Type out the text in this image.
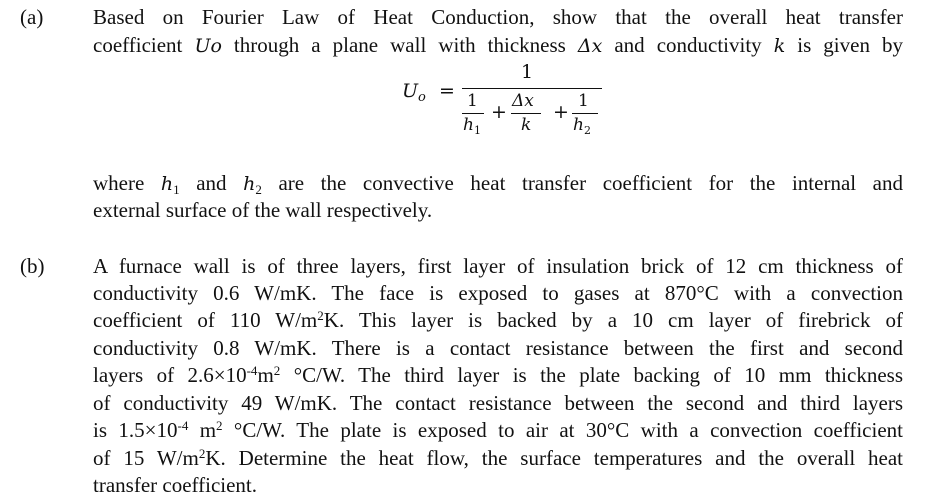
(a) Based on Fourier Law of Heat Conduction, show that the overall heat transfer
coefficient Uo through a plane wall with thickness Δx and conductivity k is given by
U o =
1
1
h 1
+ Δx
k
+ 1
h 2
where $h_1$ and $h_2$ are the convective heat transfer coefficient for the internal and
external surface of the wall respectively.
(b) A furnace wall is of three layers, first layer of insulation brick of 12 cm thickness of
conductivity 0.6 W/mK. The face is exposed to gases at 870°C with a convection
coefficient of 110 $W/m^2K$. This layer is backed by a 10 cm layer of firebrick of
conductivity 0.8 W/mK. There is a contact resistance between the first and second
layers of $2.6\times 10^{-4}m^2$ °C/W. The third layer is the plate backing of 10 mm thickness
of conductivity 49 W/mK. The contact resistance between the second and third layers
is $1.5\times 10^{-4}$ $m^2$ °C/W. The plate is exposed to air at 30°C with a convection coefficient
of 15 $W/m^2K$. Determine the heat flow, the surface temperatures and the overall heat
transfer coefficient.
